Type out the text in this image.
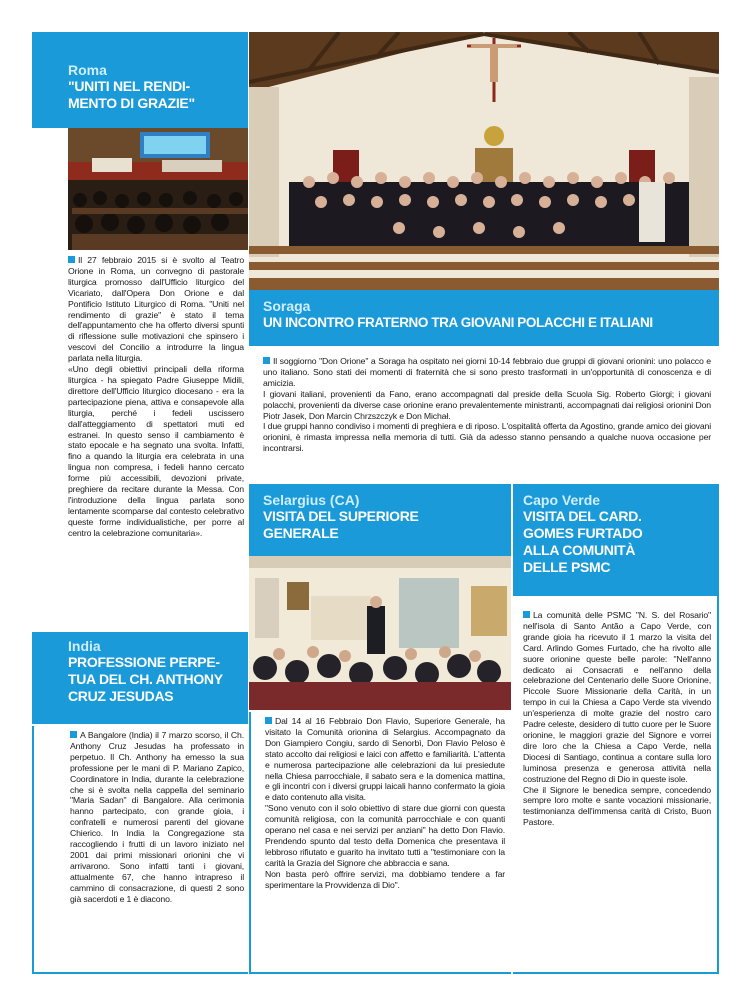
Roma
"UNITI NEL RENDI-
MENTO DI GRAZIE"

Il 27 febbraio 2015 si è svolto al Teatro Orione in Roma, un convegno di pastorale liturgica promosso dall'Ufficio liturgico del Vicariato, dall'Opera Don Orione e dal Pontificio Istituto Liturgico di Roma. "Uniti nel rendimento di grazie" è stato il tema dell'appuntamento che ha offerto diversi spunti di riflessione sulle motivazioni che spinsero i vescovi del Concilio a introdurre la lingua parlata nella liturgia.

«Uno degli obiettivi principali della riforma liturgica - ha spiegato Padre Giuseppe Midili, direttore dell'Ufficio liturgico diocesano - era la partecipazione piena, attiva e consapevole alla liturgia, perché i fedeli uscissero dall'atteggiamento di spettatori muti ed estranei. In questo senso il cambiamento è stato epocale e ha segnato una svolta. Infatti, fino a quando la liturgia era celebrata in una lingua non compresa, i fedeli hanno cercato forme più accessibili, devozioni private, preghiere da recitare durante la Messa. Con l'introduzione della lingua parlata sono lentamente scomparse dal contesto celebrativo queste forme individualistiche, per porre al centro la celebrazione comunitaria».

India
PROFESSIONE PERPE-
TUA DEL CH. ANTHONY
CRUZ JESUDAS

A Bangalore (India) il 7 marzo scorso, il Ch. Anthony Cruz Jesudas ha professato in perpetuo. Il Ch. Anthony ha emesso la sua professione per le mani di P. Mariano Zapico, Coordinatore in India, durante la celebrazione che si è svolta nella cappella del seminario "Maria Sadan" di Bangalore. Alla cerimonia hanno partecipato, con grande gioia, i confratelli e numerosi parenti del giovane Chierico. In India la Congregazione sta raccogliendo i frutti di un lavoro iniziato nel 2001 dai primi missionari orionini che vi arrivarono. Sono infatti tanti i giovani, attualmente 67, che hanno intrapreso il cammino di consacrazione, di questi 2 sono già sacerdoti e 1 è diacono.

Soraga
UN INCONTRO FRATERNO TRA GIOVANI POLACCHI E ITALIANI

Il soggiorno "Don Orione" a Soraga ha ospitato nei giorni 10-14 febbraio due gruppi di giovani orionini: uno polacco e uno italiano. Sono stati dei momenti di fraternità che si sono presto trasformati in un'opportunità di conoscenza e di amicizia.

I giovani italiani, provenienti da Fano, erano accompagnati dal preside della Scuola Sig. Roberto Giorgi; i giovani polacchi, provenienti da diverse case orionine erano prevalentemente ministranti, accompagnati dai religiosi orionini Don Piotr Jasek, Don Marcin Chrzszczyk e Don Michał.

I due gruppi hanno condiviso i momenti di preghiera e di riposo. L'ospitalità offerta da Agostino, grande amico dei giovani orionini, è rimasta impressa nella memoria di tutti. Già da adesso stanno pensando a qualche nuova occasione per incontrarsi.

Selargius (CA)
VISITA DEL SUPERIORE
GENERALE

Dal 14 al 16 Febbraio Don Flavio, Superiore Generale, ha visitato la Comunità orionina di Selargius. Accompagnato da Don Giampiero Congiu, sardo di Senorbì, Don Flavio Peloso è stato accolto dai religiosi e laici con affetto e familiarità. L'attenta e numerosa partecipazione alle celebrazioni da lui presiedute nella Chiesa parrocchiale, il sabato sera e la domenica mattina, e gli incontri con i diversi gruppi laicali hanno confermato la gioia e dato contenuto alla visita.

"Sono venuto con il solo obiettivo di stare due giorni con questa comunità religiosa, con la comunità parrocchiale e con quanti operano nel casa e nei servizi per anziani" ha detto Don Flavio. Prendendo spunto dal testo della Domenica che presentava il lebbroso rifiutato e guarito ha invitato tutti a "testimoniare con la carità la Grazia del Signore che abbraccia e sana.

Non basta però offrire servizi, ma dobbiamo tendere a far sperimentare la Provvidenza di Dio".

Capo Verde
VISITA DEL CARD.
GOMES FURTADO
ALLA COMUNITÀ
DELLE PSMC

La comunità delle PSMC "N. S. del Rosario" nell'isola di Santo Antão a Capo Verde, con grande gioia ha ricevuto il 1 marzo la visita del Card. Arlindo Gomes Furtado, che ha rivolto alle suore orionine queste belle parole: "Nell'anno dedicato ai Consacrati e nell'anno della celebrazione del Centenario delle Suore Orionine, Piccole Suore Missionarie della Carità, in un tempo in cui la Chiesa a Capo Verde sta vivendo un'esperienza di molte grazie del nostro caro Padre celeste, desidero di tutto cuore per le Suore orionine, le maggiori grazie del Signore e vorrei dire loro che la Chiesa a Capo Verde, nella Diocesi di Santiago, continua a contare sulla loro luminosa presenza e generosa attività nella costruzione del Regno di Dio in queste isole.

Che il Signore le benedica sempre, concedendo sempre loro molte e sante vocazioni missionarie, testimonianza dell'immensa carità di Cristo, Buon Pastore.
